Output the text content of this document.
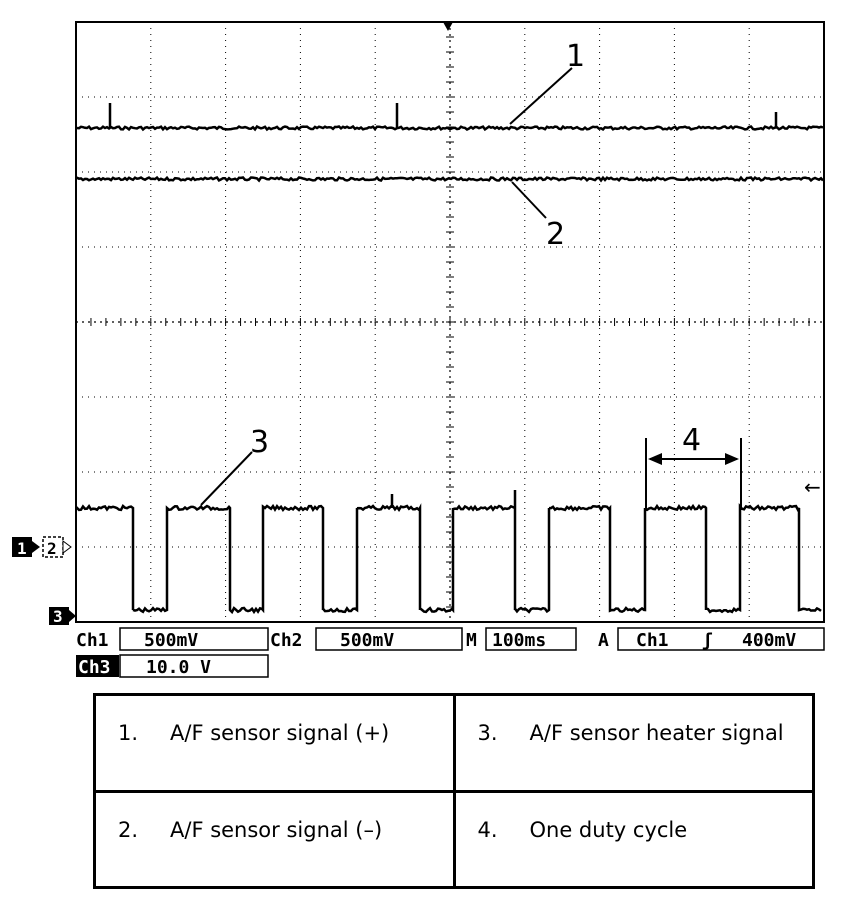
1
2
3	4
←
1 2
3
Ch1 500mV	Ch2 500mV	M 100ms	A Ch1 ʃ 400mV
Ch3 10.0 V
1. A/F sensor signal (+)	3. A/F sensor heater signal

2. A/F sensor signal (–)	4. One duty cycle
